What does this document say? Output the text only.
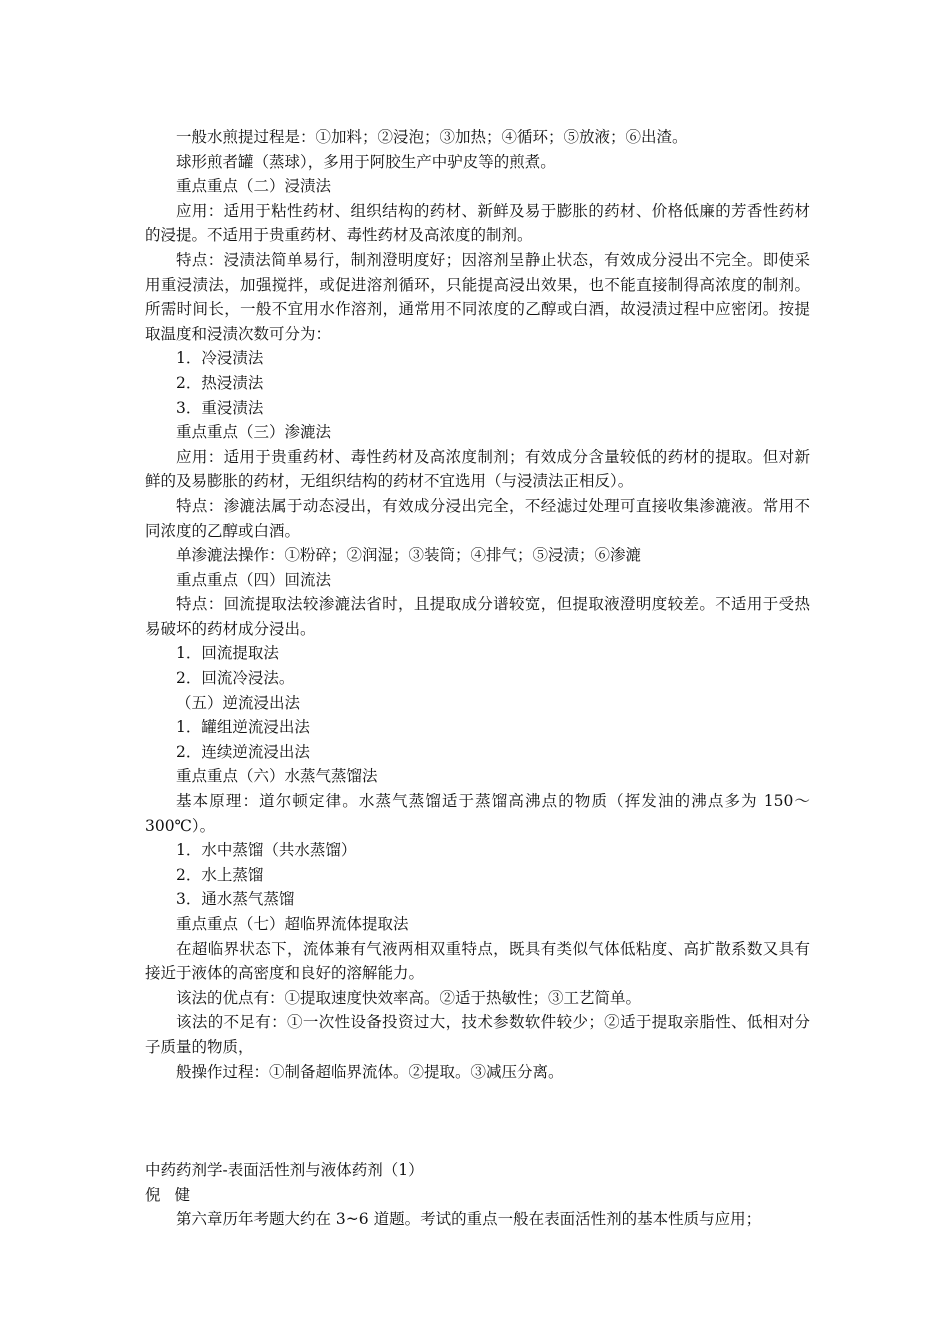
一般水煎提过程是：①加料；②浸泡；③加热；④循环；⑤放液；⑥出渣。

球形煎者罐（蒸球），多用于阿胶生产中驴皮等的煎煮。

重点重点（二）浸渍法

应用：适用于粘性药材、组织结构的药材、新鲜及易于膨胀的药材、价格低廉的芳香性药材的浸提。不适用于贵重药材、毒性药材及高浓度的制剂。

特点：浸渍法简单易行，制剂澄明度好；因溶剂呈静止状态，有效成分浸出不完全。即使采用重浸渍法，加强搅拌，或促进溶剂循环，只能提高浸出效果，也不能直接制得高浓度的制剂。所需时间长，一般不宜用水作溶剂，通常用不同浓度的乙醇或白酒，故浸渍过程中应密闭。按提取温度和浸渍次数可分为：

1．冷浸渍法

2．热浸渍法

3．重浸渍法

重点重点（三）渗漉法

应用：适用于贵重药材、毒性药材及高浓度制剂；有效成分含量较低的药材的提取。但对新鲜的及易膨胀的药材，无组织结构的药材不宜选用（与浸渍法正相反）。

特点：渗漉法属于动态浸出，有效成分浸出完全，不经滤过处理可直接收集渗漉液。常用不同浓度的乙醇或白酒。

单渗漉法操作：①粉碎；②润湿；③装筒；④排气；⑤浸渍；⑥渗漉

重点重点（四）回流法

特点：回流提取法较渗漉法省时，且提取成分谱较宽，但提取液澄明度较差。不适用于受热易破坏的药材成分浸出。

1．回流提取法

2．回流冷浸法。

（五）逆流浸出法

1．罐组逆流浸出法

2．连续逆流浸出法

重点重点（六）水蒸气蒸馏法

基本原理：道尔顿定律。水蒸气蒸馏适于蒸馏高沸点的物质（挥发油的沸点多为 150～300℃）。

1．水中蒸馏（共水蒸馏）

2．水上蒸馏

3．通水蒸气蒸馏

重点重点（七）超临界流体提取法

在超临界状态下，流体兼有气液两相双重特点，既具有类似气体低粘度、高扩散系数又具有接近于液体的高密度和良好的溶解能力。

该法的优点有：①提取速度快效率高。②适于热敏性；③工艺简单。

该法的不足有：①一次性设备投资过大，技术参数软件较少；②适于提取亲脂性、低相对分子质量的物质，

般操作过程：①制备超临界流体。②提取。③减压分离。

中药药剂学-表面活性剂与液体药剂（1）

倪健

第六章历年考题大约在 3~6 道题。考试的重点一般在表面活性剂的基本性质与应用；
